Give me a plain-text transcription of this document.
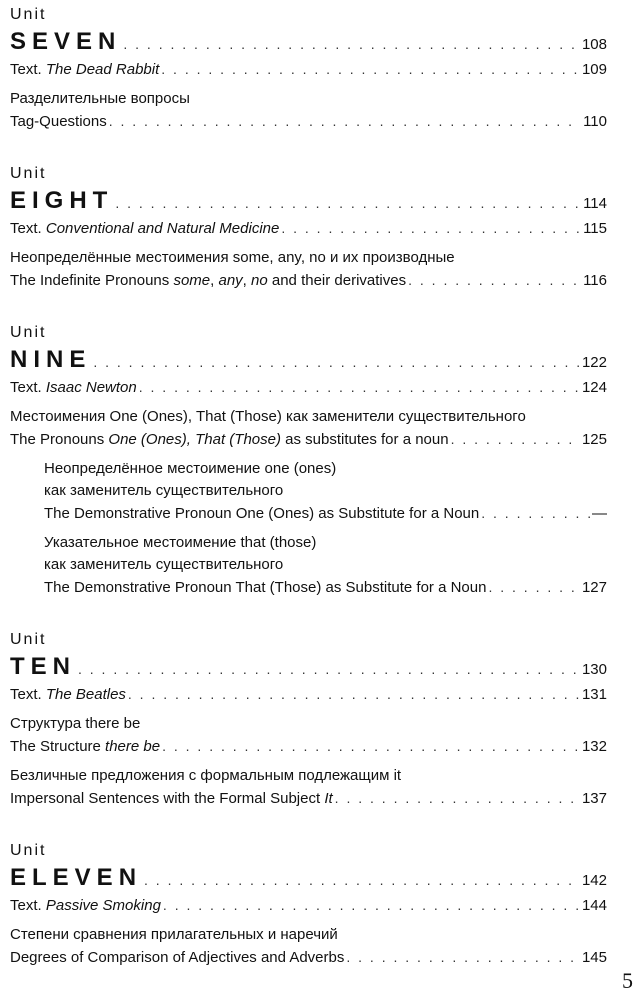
Unit
SEVEN . . .	108
Text. The Dead Rabbit . . .	109
Разделительные вопросы
Tag-Questions . . .	110
Unit
EIGHT . . .	114
Text. Conventional and Natural Medicine . . .	115
Неопределённые местоимения some, any, no и их производные
The Indefinite Pronouns some, any, no and their derivatives . . .	116
Unit
NINE . . .	122
Text. Isaac Newton . . .	124
Местоимения One (Ones), That (Those) как заменители существительного
The Pronouns One (Ones), That (Those) as substitutes for a noun . . .	125
Неопределённое местоимение one (ones)
как заменитель существительного
The Demonstrative Pronoun One (Ones) as Substitute for a Noun . . .	—
Указательное местоимение that (those)
как заменитель существительного
The Demonstrative Pronoun That (Those) as Substitute for a Noun . . .	127
Unit
TEN . . .	130
Text. The Beatles . . .	131
Структура there be
The Structure there be . . .	132
Безличные предложения с формальным подлежащим it
Impersonal Sentences with the Formal Subject It . . .	137
Unit
ELEVEN . . .	142
Text. Passive Smoking . . .	144
Степени сравнения прилагательных и наречий
Degrees of Comparison of Adjectives and Adverbs . . .	145
5
